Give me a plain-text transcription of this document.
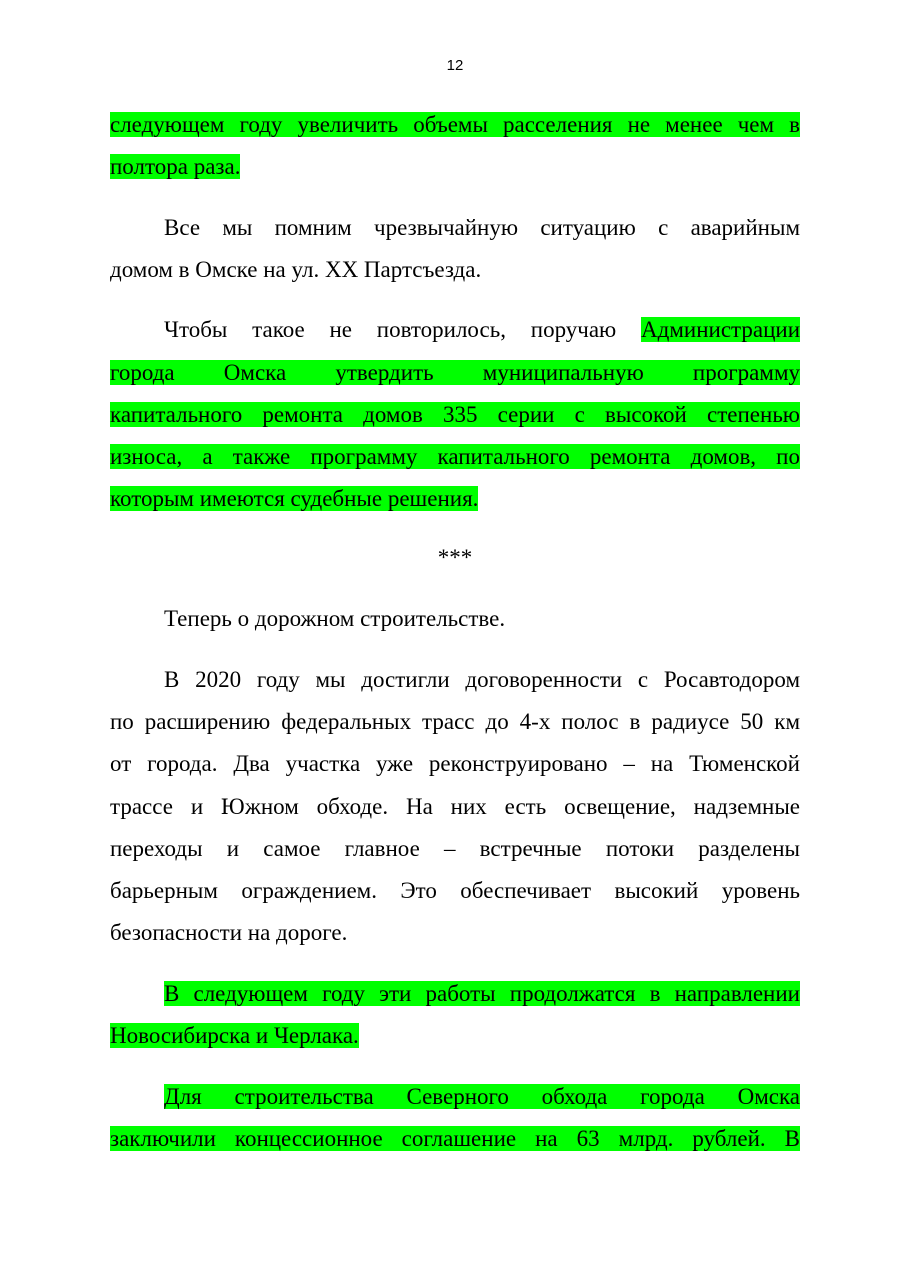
12
следующем году увеличить объемы расселения не менее чем в
полтора раза.
Все мы помним чрезвычайную ситуацию с аварийным
домом в Омске на ул. XX Партсъезда.
Чтобы такое не повторилось, поручаю Администрации
города Омска утвердить муниципальную программу
капитального ремонта домов 335 серии с высокой степенью
износа, а также программу капитального ремонта домов, по
которым имеются судебные решения.
***
Теперь о дорожном строительстве.
В 2020 году мы достигли договоренности с Росавтодором
по расширению федеральных трасс до 4-х полос в радиусе 50 км
от города. Два участка уже реконструировано – на Тюменской
трассе и Южном обходе. На них есть освещение, надземные
переходы и самое главное – встречные потоки разделены
барьерным ограждением. Это обеспечивает высокий уровень
безопасности на дороге.
В следующем году эти работы продолжатся в направлении
Новосибирска и Черлака.
Для строительства Северного обхода города Омска
заключили концессионное соглашение на 63 млрд. рублей. В
